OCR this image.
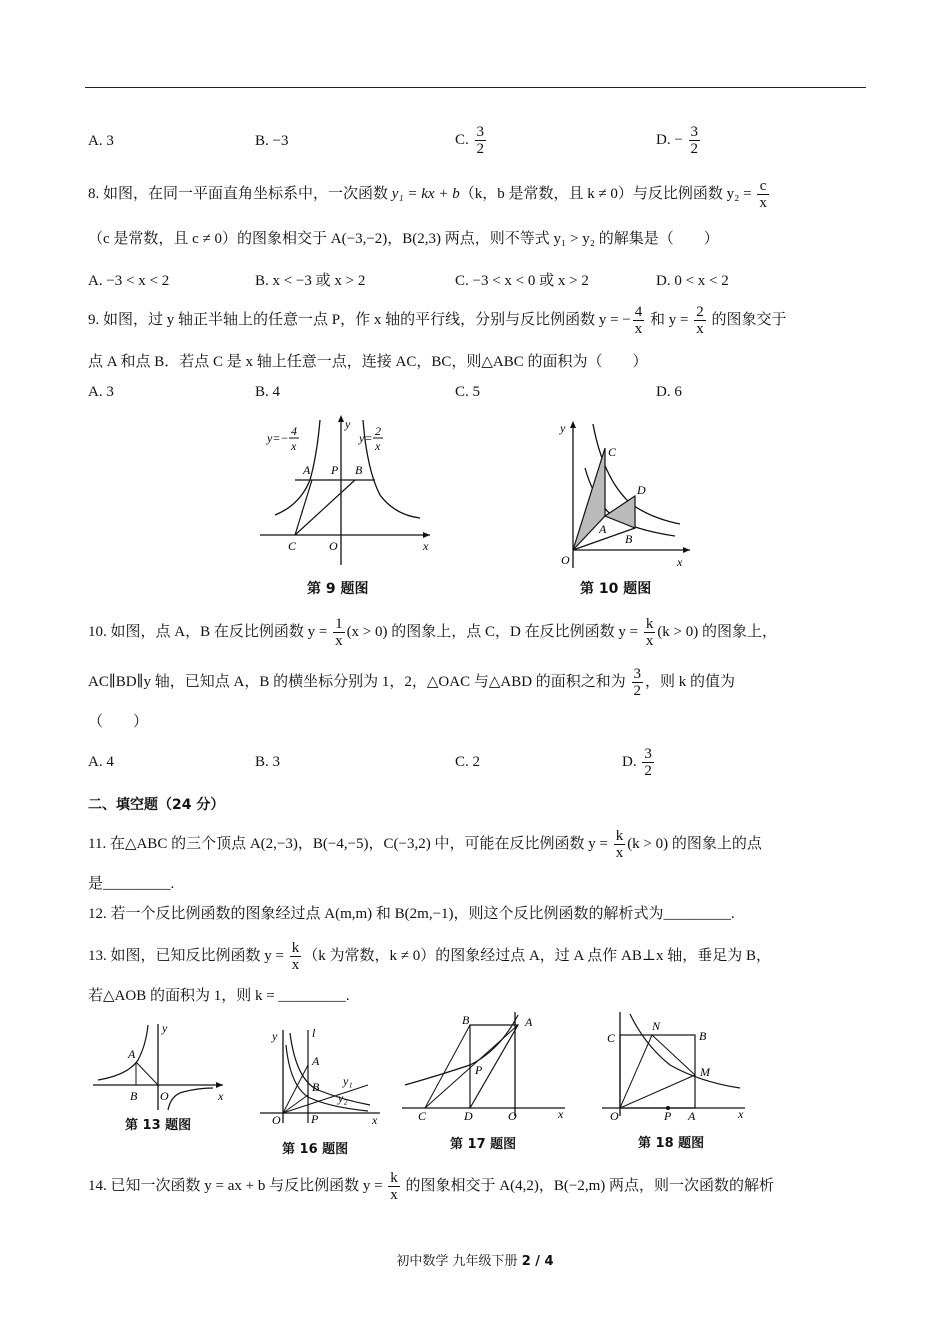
A. 3	B. −3	C. $\frac{3}{2}$	D. − $\frac{3}{2}$
8. 如图，在同一平面直角坐标系中，一次函数 y₁ = kx + b（k，b 是常数，且 k ≠ 0）与反比例函数 $y_2 = \frac{c}{x}$
（c 是常数，且 c ≠ 0）的图象相交于 A(−3,−2)，B(2,3) 两点，则不等式 y₁ > y₂ 的解集是（　　）
A. −3 < x < 2	B. x < −3 或 x > 2	C. −3 < x < 0 或 x > 2	D. 0 < x < 2
9. 如图，过 y 轴正半轴上的任意一点 P，作 x 轴的平行线，分别与反比例函数 y = − $\frac{4}{x}$ 和 $y = \frac{2}{x}$ 的图象交于
点 A 和点 B．若点 C 是 x 轴上任意一点，连接 AC，BC，则△ABC 的面积为（　　）
A. 3	B. 4	C. 5	D. 6
y=− 4
x
y= 2
x
A P B
C	O	x
y
第 9 题图
C
D
A
B
O	x
y
第 10 题图
10. 如图，点 A，B 在反比例函数 $y = \frac{1}{x} (x > 0)$ 的图象上，点 C，D 在反比例函数 $y = \frac{k}{x} (k > 0)$ 的图象上，
AC∥BD∥y 轴，已知点 A，B 的横坐标分别为 1，2，△OAC 与△ABD 的面积之和为 $\frac{3}{2}$ ，则 k 的值为
（　　）
A. 4	B. 3	C. 2	D. $\frac{3}{2}$
二、填空题（24 分）
11. 在△ABC 的三个顶点 A(2,−3)，B(−4,−5)，C(−3,2) 中，可能在反比例函数 $y = \frac{k}{x} (k > 0)$ 的图象上的点
是_________.
12. 若一个反比例函数的图象经过点 A(m,m) 和 B(2m,−1)，则这个反比例函数的解析式为_________.
13. 如图，已知反比例函数 $y = \frac{k}{x} (k$ 为常数，k ≠ 0）的图象经过点 A，过 A 点作 AB⊥x 轴，垂足为 B，
若△AOB 的面积为 1，则 k = _________.
A
B O	x
y
第 13 题图
y	l
A
B y₁
y₂
O	P	x
第 16 题图
B	A
P
C	D	O	x
第 17 题图
C
N
B
M
O	P A	x
第 18 题图
14. 已知一次函数 y = ax + b 与反比例函数 $y = \frac{k}{x}$ 的图象相交于 A(4,2)，B(−2,m) 两点，则一次函数的解析
初中数学 九年级下册 2 / 4
